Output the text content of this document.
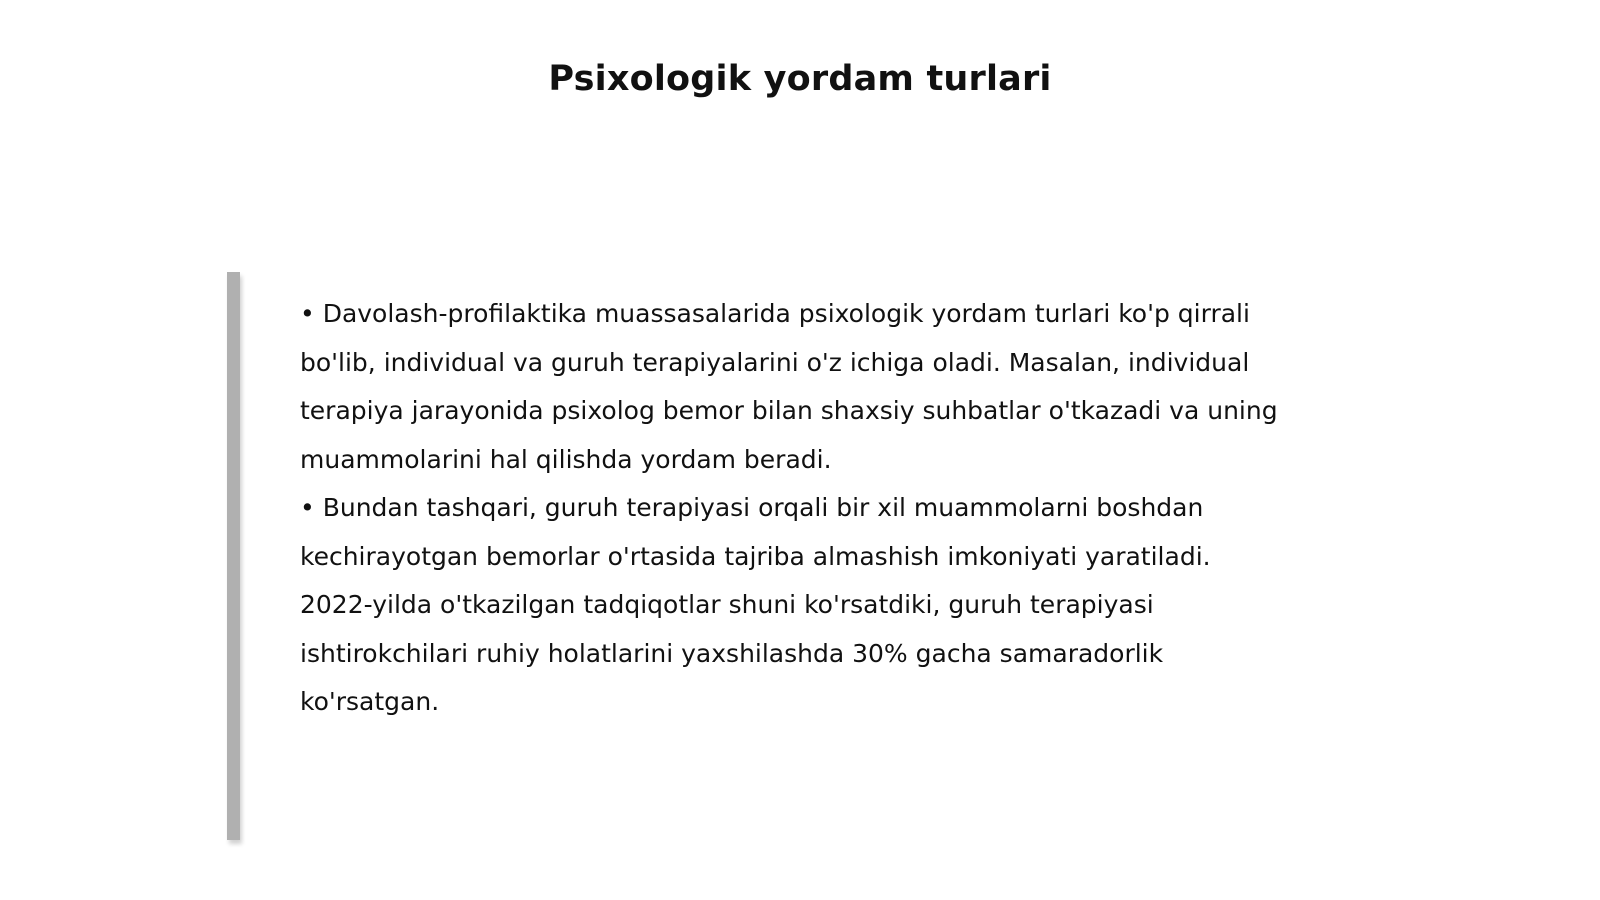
Psixologik yordam turlari

• Davolash-profilaktika muassasalarida psixologik yordam turlari ko'p qirrali bo'lib, individual va guruh terapiyalarini o'z ichiga oladi. Masalan, individual terapiya jarayonida psixolog bemor bilan shaxsiy suhbatlar o'tkazadi va uning muammolarini hal qilishda yordam beradi.

• Bundan tashqari, guruh terapiyasi orqali bir xil muammolarni boshdan kechirayotgan bemorlar o'rtasida tajriba almashish imkoniyati yaratiladi. 2022-yilda o'tkazilgan tadqiqotlar shuni ko'rsatdiki, guruh terapiyasi ishtirokchilari ruhiy holatlarini yaxshilashda 30% gacha samaradorlik ko'rsatgan.
